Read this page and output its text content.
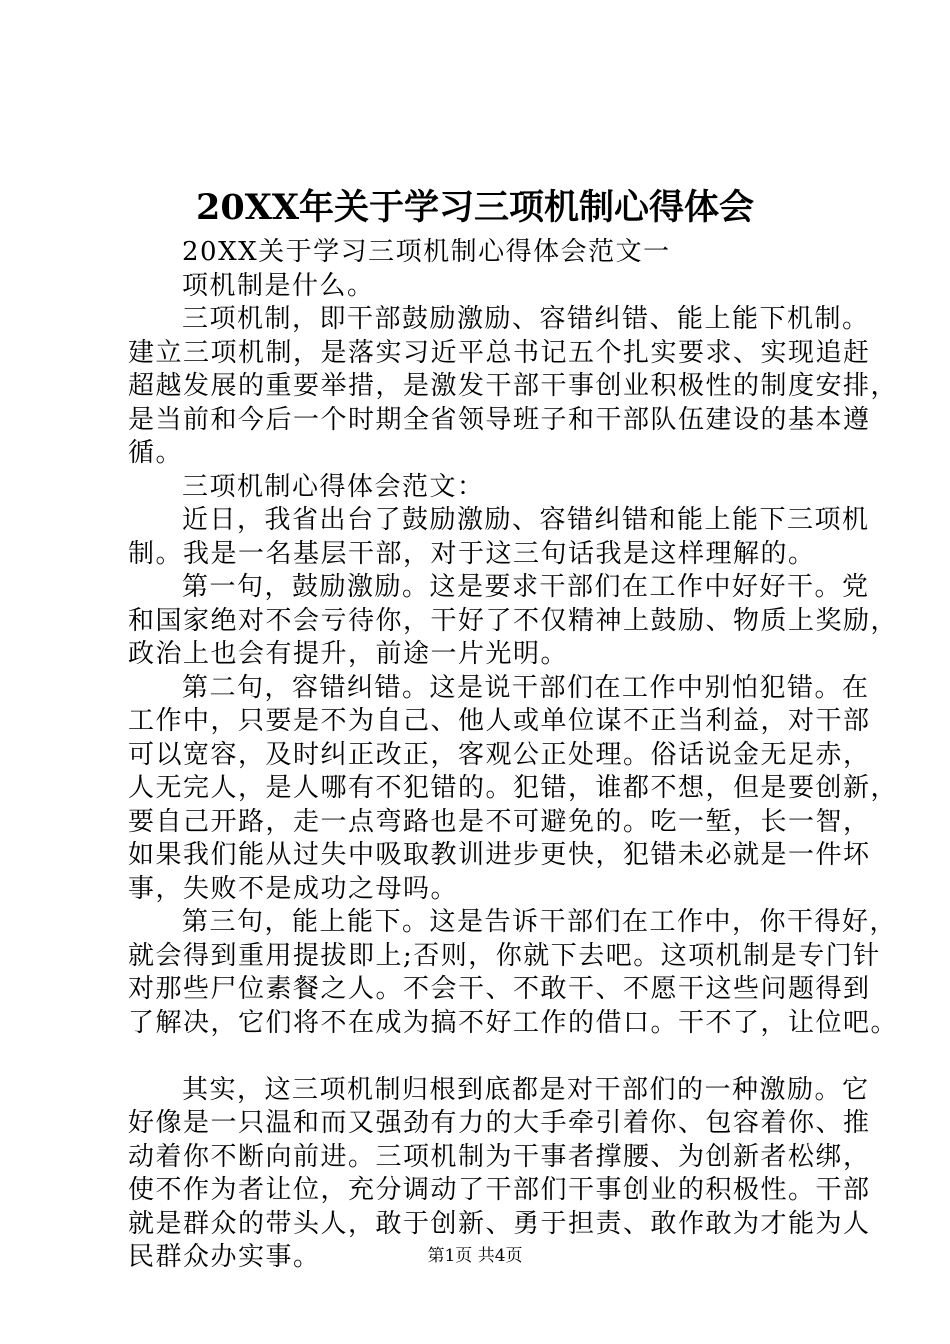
20XX年关于学习三项机制心得体会
20XX关于学习三项机制心得体会范文一
项机制是什么。
三项机制，即干部鼓励激励、容错纠错、能上能下机制。
建立三项机制，是落实习近平总书记五个扎实要求、实现追赶
超越发展的重要举措，是激发干部干事创业积极性的制度安排，
是当前和今后一个时期全省领导班子和干部队伍建设的基本遵
循。
三项机制心得体会范文：
近日，我省出台了鼓励激励、容错纠错和能上能下三项机
制。我是一名基层干部，对于这三句话我是这样理解的。
第一句，鼓励激励。这是要求干部们在工作中好好干。党
和国家绝对不会亏待你，干好了不仅精神上鼓励、物质上奖励，
政治上也会有提升，前途一片光明。
第二句，容错纠错。这是说干部们在工作中别怕犯错。在
工作中，只要是不为自己、他人或单位谋不正当利益，对干部
可以宽容，及时纠正改正，客观公正处理。俗话说金无足赤，
人无完人，是人哪有不犯错的。犯错，谁都不想，但是要创新，
要自己开路，走一点弯路也是不可避免的。吃一堑，长一智，
如果我们能从过失中吸取教训进步更快，犯错未必就是一件坏
事，失败不是成功之母吗。
第三句，能上能下。这是告诉干部们在工作中，你干得好，
就会得到重用提拔即上;否则，你就下去吧。这项机制是专门针
对那些尸位素餐之人。不会干、不敢干、不愿干这些问题得到
了解决，它们将不在成为搞不好工作的借口。干不了，让位吧。
其实，这三项机制归根到底都是对干部们的一种激励。它
好像是一只温和而又强劲有力的大手牵引着你、包容着你、推
动着你不断向前进。三项机制为干事者撑腰、为创新者松绑，
使不作为者让位，充分调动了干部们干事创业的积极性。干部
就是群众的带头人，敢于创新、勇于担责、敢作敢为才能为人
民群众办实事。	第1页 共4页
